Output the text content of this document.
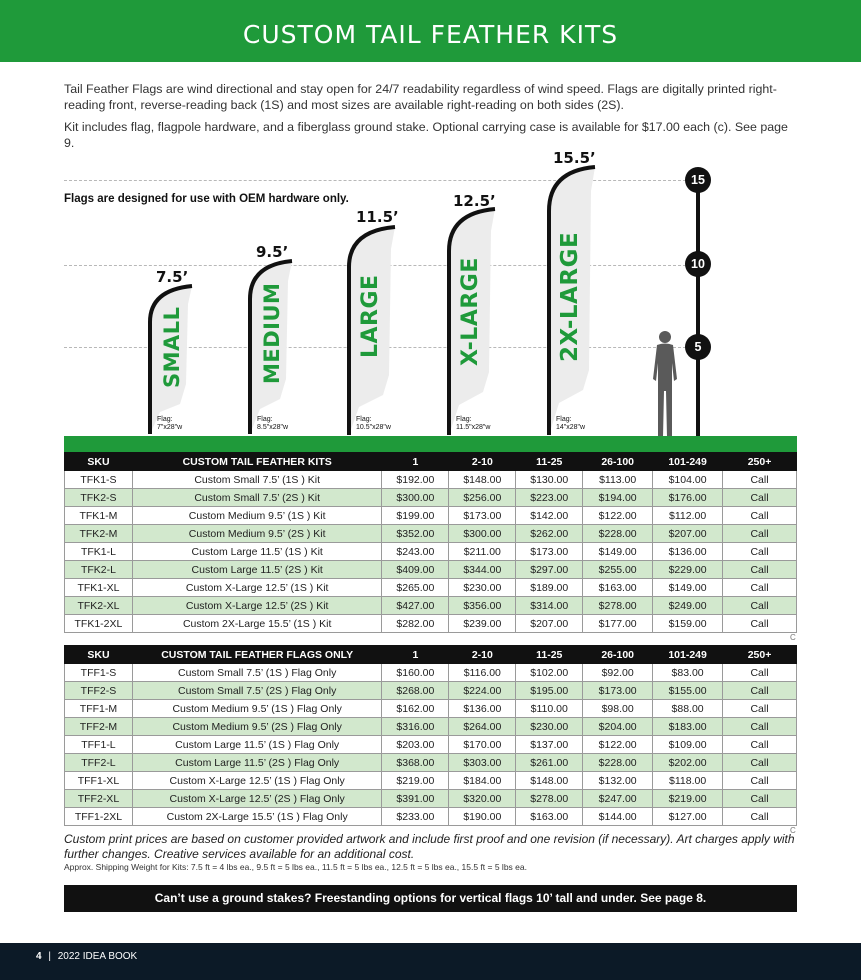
CUSTOM TAIL FEATHER KITS

Tail Feather Flags are wind directional and stay open for 24/7 readability regardless of wind speed. Flags are digitally printed right-reading front, reverse-reading back (1S) and most sizes are available right-reading on both sides (2S).

Kit includes flag, flagpole hardware, and a fiberglass ground stake. Optional carrying case is available for $17.00 each (c). See page 9.

Flags are designed for use with OEM hardware only.
15
10
5
SMALL	MEDIUM	LARGE	X-LARGE	2X-LARGE
7.5’
9.5’
11.5’
12.5’
15.5’
Flag:
7"x28"w
Flag:
8.5"x28"w
Flag:
10.5"x28"w
Flag:
11.5"x28"w
Flag:
14"x28"w
SKU	CUSTOM TAIL FEATHER KITS	1	2-10	11-25	26-100	101-249	250+
TFK1-S	Custom Small 7.5’ (1S ) Kit	$192.00	$148.00	$130.00	$113.00	$104.00	Call
TFK2-S	Custom Small 7.5’ (2S ) Kit	$300.00	$256.00	$223.00	$194.00	$176.00	Call
TFK1-M	Custom Medium 9.5’ (1S ) Kit	$199.00	$173.00	$142.00	$122.00	$112.00	Call
TFK2-M	Custom Medium 9.5’ (2S ) Kit	$352.00	$300.00	$262.00	$228.00	$207.00	Call
TFK1-L	Custom Large 11.5’ (1S ) Kit	$243.00	$211.00	$173.00	$149.00	$136.00	Call
TFK2-L	Custom Large 11.5’ (2S ) Kit	$409.00	$344.00	$297.00	$255.00	$229.00	Call
TFK1-XL	Custom X-Large 12.5’ (1S ) Kit	$265.00	$230.00	$189.00	$163.00	$149.00	Call
TFK2-XL	Custom X-Large 12.5’ (2S ) Kit	$427.00	$356.00	$314.00	$278.00	$249.00	Call
TFK1-2XL	Custom 2X-Large 15.5’ (1S ) Kit	$282.00	$239.00	$207.00	$177.00	$159.00	Call
C
SKU	CUSTOM TAIL FEATHER FLAGS ONLY	1	2-10	11-25	26-100	101-249	250+
TFF1-S	Custom Small 7.5’ (1S ) Flag Only	$160.00	$116.00	$102.00	$92.00	$83.00	Call
TFF2-S	Custom Small 7.5’ (2S ) Flag Only	$268.00	$224.00	$195.00	$173.00	$155.00	Call
TFF1-M	Custom Medium 9.5’ (1S ) Flag Only	$162.00	$136.00	$110.00	$98.00	$88.00	Call
TFF2-M	Custom Medium 9.5’ (2S ) Flag Only	$316.00	$264.00	$230.00	$204.00	$183.00	Call
TFF1-L	Custom Large 11.5’ (1S ) Flag Only	$203.00	$170.00	$137.00	$122.00	$109.00	Call
TFF2-L	Custom Large 11.5’ (2S ) Flag Only	$368.00	$303.00	$261.00	$228.00	$202.00	Call
TFF1-XL	Custom X-Large 12.5’ (1S ) Flag Only	$219.00	$184.00	$148.00	$132.00	$118.00	Call
TFF2-XL	Custom X-Large 12.5’ (2S ) Flag Only	$391.00	$320.00	$278.00	$247.00	$219.00	Call
TFF1-2XL	Custom 2X-Large 15.5’ (1S ) Flag Only	$233.00	$190.00	$163.00	$144.00	$127.00	Call
C
Custom print prices are based on customer provided artwork and include first proof and one revision (if necessary). Art charges apply with further changes. Creative services available for an additional cost.
Approx. Shipping Weight for Kits: 7.5 ft = 4 lbs ea., 9.5 ft = 5 lbs ea., 11.5 ft = 5 lbs ea., 12.5 ft = 5 lbs ea., 15.5 ft = 5 lbs ea.
Can’t use a ground stakes? Freestanding options for vertical flags 10’ tall and under. See page 8.
4 | 2022 IDEA BOOK
